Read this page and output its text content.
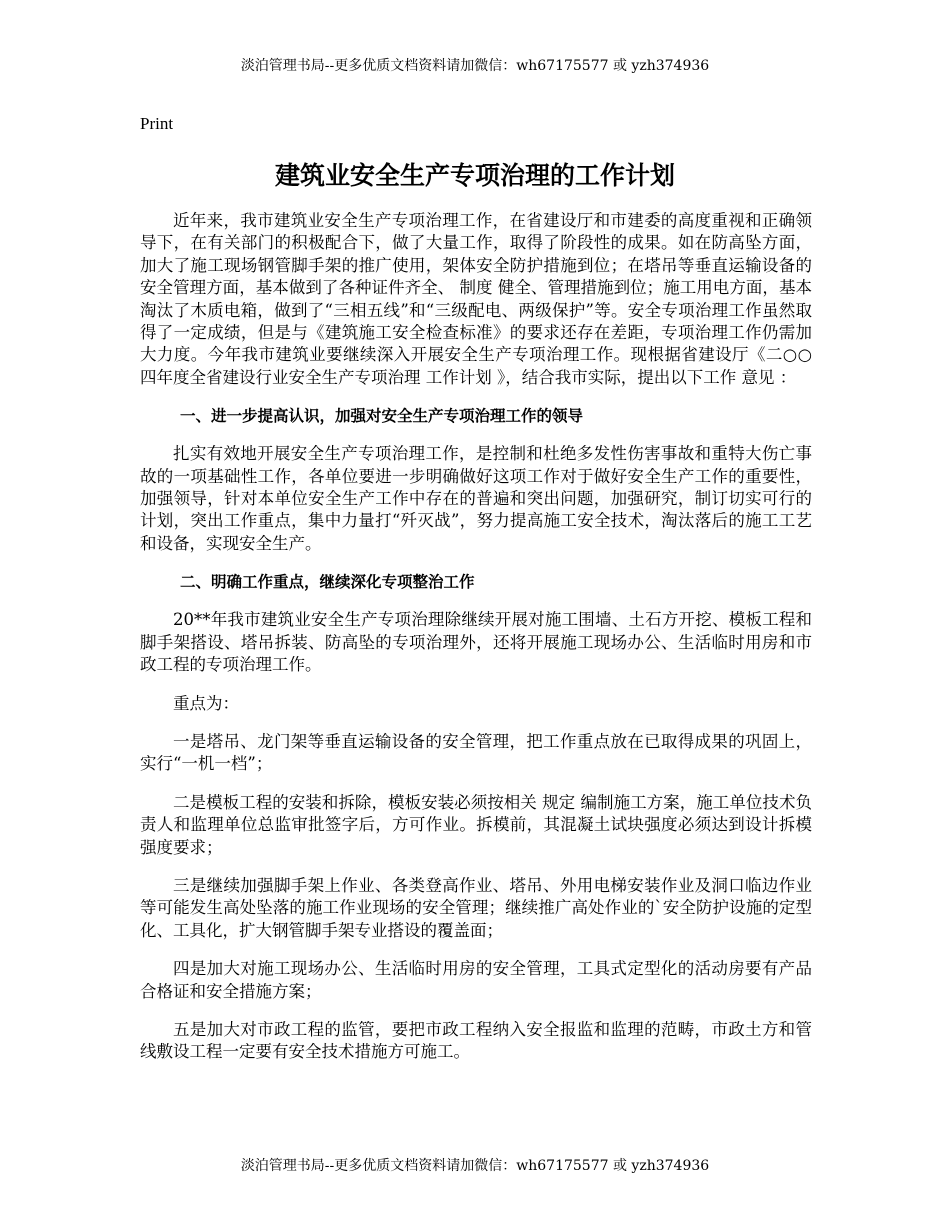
淡泊管理书局--更多优质文档资料请加微信：wh67175577 或 yzh374936
Print
建筑业安全生产专项治理的工作计划

近年来，我市建筑业安全生产专项治理工作，在省建设厅和市建委的高度重视和正确领导下，在有关部门的积极配合下，做了大量工作，取得了阶段性的成果。如在防高坠方面，加大了施工现场钢管脚手架的推广使用，架体安全防护措施到位；在塔吊等垂直运输设备的安全管理方面，基本做到了各种证件齐全、 制度 健全、管理措施到位；施工用电方面，基本淘汰了木质电箱，做到了“三相五线”和“三级配电、两级保护”等。安全专项治理工作虽然取得了一定成绩，但是与《建筑施工安全检查标准》的要求还存在差距，专项治理工作仍需加大力度。今年我市建筑业要继续深入开展安全生产专项治理工作。现根据省建设厅《二○○四年度全省建设行业安全生产专项治理 工作计划 》，结合我市实际，提出以下工作 意见 ：

一、进一步提高认识，加强对安全生产专项治理工作的领导

扎实有效地开展安全生产专项治理工作，是控制和杜绝多发性伤害事故和重特大伤亡事故的一项基础性工作，各单位要进一步明确做好这项工作对于做好安全生产工作的重要性，加强领导，针对本单位安全生产工作中存在的普遍和突出问题，加强研究，制订切实可行的计划，突出工作重点，集中力量打“歼灭战”，努力提高施工安全技术，淘汰落后的施工工艺和设备，实现安全生产。

二、明确工作重点，继续深化专项整治工作

20**年我市建筑业安全生产专项治理除继续开展对施工围墙、土石方开挖、模板工程和脚手架搭设、塔吊拆装、防高坠的专项治理外，还将开展施工现场办公、生活临时用房和市政工程的专项治理工作。

重点为：

一是塔吊、龙门架等垂直运输设备的安全管理，把工作重点放在已取得成果的巩固上，实行“一机一档”；

二是模板工程的安装和拆除，模板安装必须按相关 规定 编制施工方案，施工单位技术负责人和监理单位总监审批签字后，方可作业。拆模前，其混凝土试块强度必须达到设计拆模强度要求；

三是继续加强脚手架上作业、各类登高作业、塔吊、外用电梯安装作业及洞口临边作业等可能发生高处坠落的施工作业现场的安全管理；继续推广高处作业的`安全防护设施的定型化、工具化，扩大钢管脚手架专业搭设的覆盖面；

四是加大对施工现场办公、生活临时用房的安全管理，工具式定型化的活动房要有产品合格证和安全措施方案；

五是加大对市政工程的监管，要把市政工程纳入安全报监和监理的范畴，市政土方和管线敷设工程一定要有安全技术措施方可施工。

淡泊管理书局--更多优质文档资料请加微信：wh67175577 或 yzh374936
